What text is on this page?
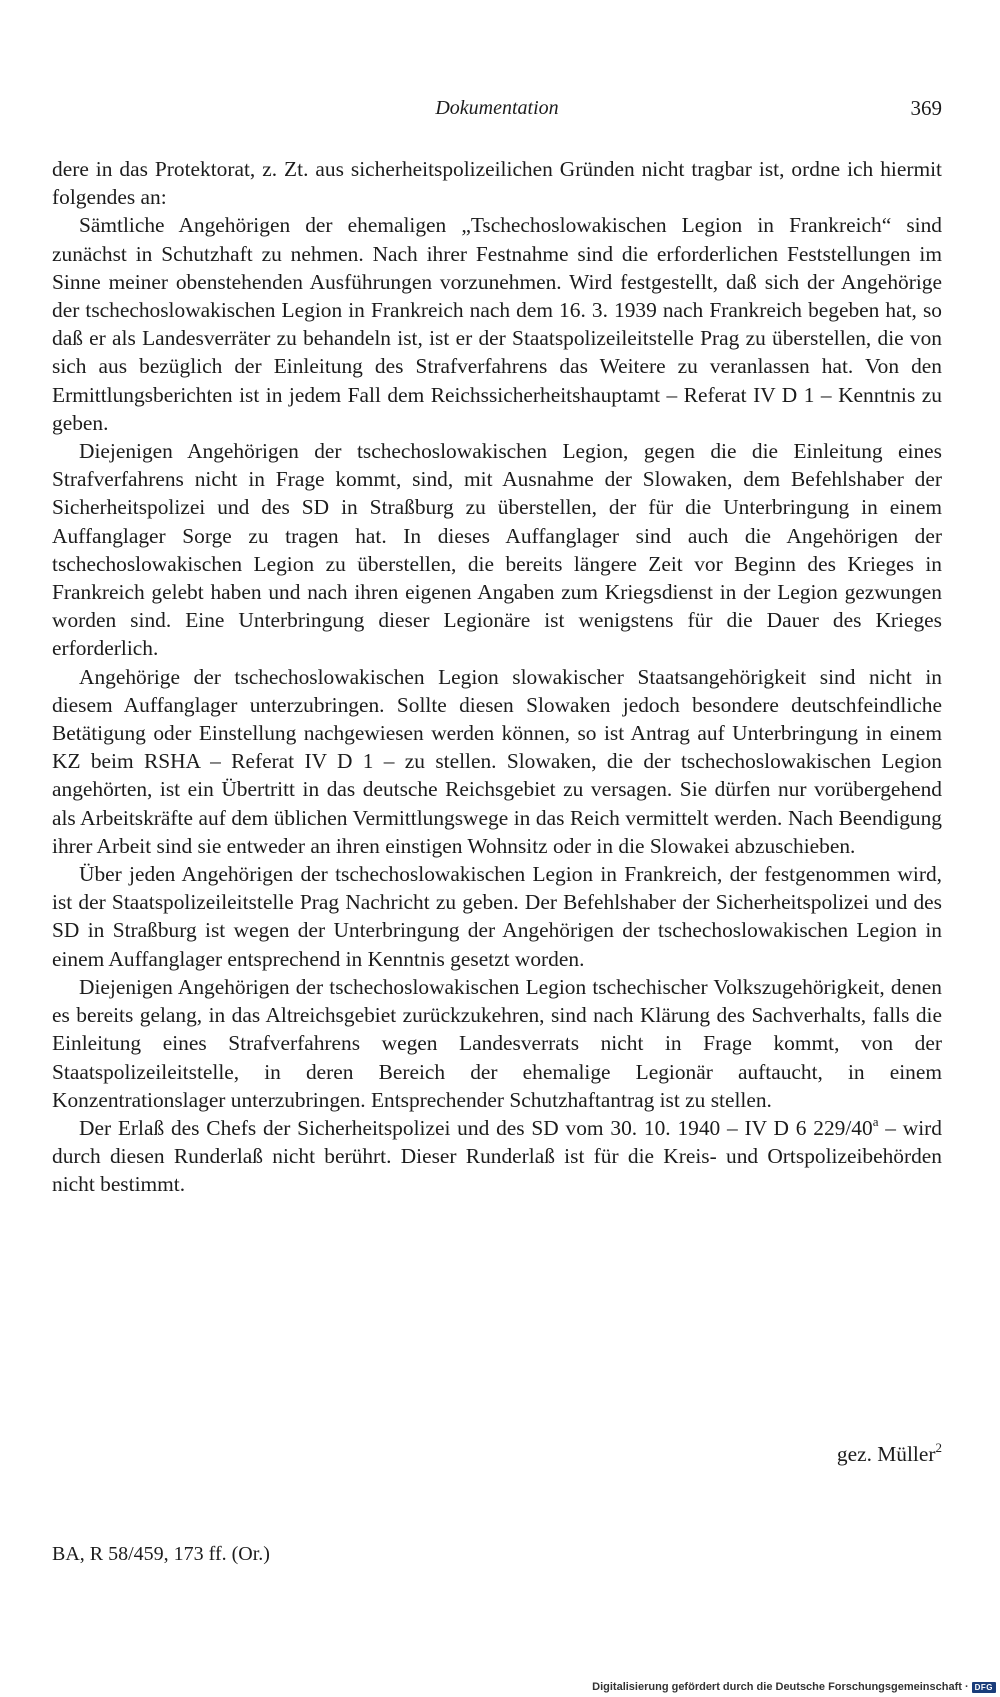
Dokumentation	369

dere in das Protektorat, z. Zt. aus sicherheitspolizeilichen Gründen nicht tragbar ist, ordne ich hiermit folgendes an:

Sämtliche Angehörigen der ehemaligen „Tschechoslowakischen Legion in Frankreich“ sind zunächst in Schutzhaft zu nehmen. Nach ihrer Festnahme sind die erforderlichen Feststellungen im Sinne meiner obenstehenden Ausführungen vorzunehmen. Wird festgestellt, daß sich der Angehörige der tschechoslowakischen Legion in Frankreich nach dem 16. 3. 1939 nach Frankreich begeben hat, so daß er als Landesverräter zu behandeln ist, ist er der Staatspolizeileitstelle Prag zu überstellen, die von sich aus bezüglich der Einleitung des Strafverfahrens das Weitere zu veranlassen hat. Von den Ermittlungsberichten ist in jedem Fall dem Reichssicherheitshauptamt – Referat IV D 1 – Kenntnis zu geben.

Diejenigen Angehörigen der tschechoslowakischen Legion, gegen die die Einleitung eines Strafverfahrens nicht in Frage kommt, sind, mit Ausnahme der Slowaken, dem Befehlshaber der Sicherheitspolizei und des SD in Straßburg zu überstellen, der für die Unterbringung in einem Auffanglager Sorge zu tragen hat. In dieses Auffanglager sind auch die Angehörigen der tschechoslowakischen Legion zu überstellen, die bereits längere Zeit vor Beginn des Krieges in Frankreich gelebt haben und nach ihren eigenen Angaben zum Kriegsdienst in der Legion gezwungen worden sind. Eine Unterbringung dieser Legionäre ist wenigstens für die Dauer des Krieges erforderlich.

Angehörige der tschechoslowakischen Legion slowakischer Staatsangehörigkeit sind nicht in diesem Auffanglager unterzubringen. Sollte diesen Slowaken jedoch besondere deutschfeindliche Betätigung oder Einstellung nachgewiesen werden können, so ist Antrag auf Unterbringung in einem KZ beim RSHA – Referat IV D 1 – zu stellen. Slowaken, die der tschechoslowakischen Legion angehörten, ist ein Übertritt in das deutsche Reichsgebiet zu versagen. Sie dürfen nur vorübergehend als Arbeitskräfte auf dem üblichen Vermittlungswege in das Reich vermittelt werden. Nach Beendigung ihrer Arbeit sind sie entweder an ihren einstigen Wohnsitz oder in die Slowakei abzuschieben.

Über jeden Angehörigen der tschechoslowakischen Legion in Frankreich, der festgenommen wird, ist der Staatspolizeileitstelle Prag Nachricht zu geben. Der Befehlshaber der Sicherheitspolizei und des SD in Straßburg ist wegen der Unterbringung der Angehörigen der tschechoslowakischen Legion in einem Auffanglager entsprechend in Kenntnis gesetzt worden.

Diejenigen Angehörigen der tschechoslowakischen Legion tschechischer Volkszugehörigkeit, denen es bereits gelang, in das Altreichsgebiet zurückzukehren, sind nach Klärung des Sachverhalts, falls die Einleitung eines Strafverfahrens wegen Landesverrats nicht in Frage kommt, von der Staatspolizeileitstelle, in deren Bereich der ehemalige Legionär auftaucht, in einem Konzentrationslager unterzubringen. Entsprechender Schutzhaftantrag ist zu stellen.

Der Erlaß des Chefs der Sicherheitspolizei und des SD vom 30. 10. 1940 – IV D 6 229/40$^a$ – wird durch diesen Runderlaß nicht berührt. Dieser Runderlaß ist für die Kreis- und Ortspolizeibehörden nicht bestimmt.

gez. Müller$^2$
BA, R 58/459, 173 ff. (Or.)
Digitalisierung gefördert durch die Deutsche Forschungsgemeinschaft · DFG
